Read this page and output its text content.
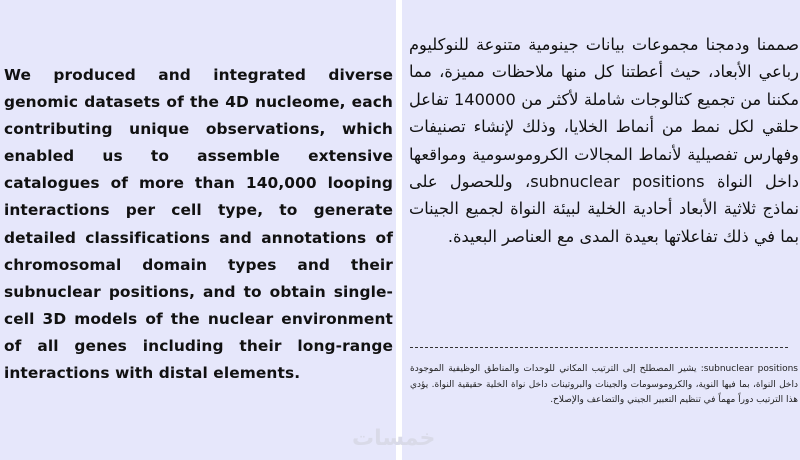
We produced and integrated diverse genomic datasets of the 4D nucleome, each contributing unique observations, which enabled us to assemble extensive catalogues of more than 140,000 looping interactions per cell type, to generate detailed classifications and annotations of chromosomal domain types and their subnuclear positions, and to obtain single-cell 3D models of the nuclear environment of all genes including their long-range interactions with distal elements.

صممنا ودمجنا مجموعات بيانات جينومية متنوعة للنوكليوم رباعي الأبعاد، حيث أعطتنا كل منها ملاحظات مميزة، مما مكننا من تجميع كتالوجات شاملة لأكثر من 140000 تفاعل حلقي لكل نمط من أنماط الخلايا، وذلك لإنشاء تصنيفات وفهارس تفصيلية لأنماط المجالات الكروموسومية ومواقعها داخل النواة subnuclear positions، وللحصول على نماذج ثلاثية الأبعاد أحادية الخلية لبيئة النواة لجميع الجينات بما في ذلك تفاعلاتها بعيدة المدى مع العناصر البعيدة.

subnuclear positions: يشير المصطلح إلى الترتيب المكاني للوحدات والمناطق الوظيفية الموجودة داخل النواة، بما فيها النوية، والكروموسومات والجينات والبروتينات داخل نواة الخلية حقيقية النواة. يؤدي هذا الترتيب دوراً مهماً في تنظيم التعبير الجيني والتضاعف والإصلاح.

خمسات
